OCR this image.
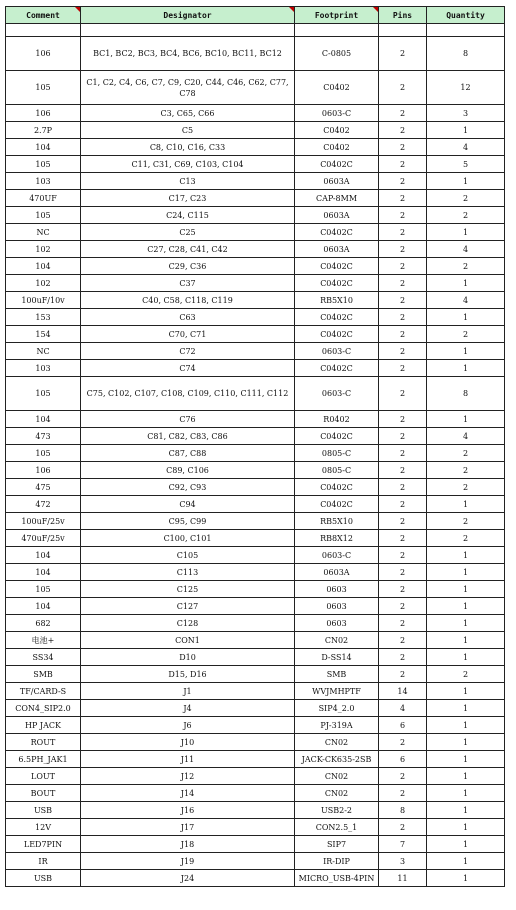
Comment	Designator	Footprint	Pins	Quantity

106	BC1, BC2, BC3, BC4, BC6, BC10, BC11, BC12	C-0805	2	8
105	C1, C2, C4, C6, C7, C9, C20, C44, C46, C62, C77, C78	C0402	2	12
106	C3, C65, C66	0603-C	2	3
2.7P	C5	C0402	2	1
104	C8, C10, C16, C33	C0402	2	4
105	C11, C31, C69, C103, C104	C0402C	2	5
103	C13	0603A	2	1
470UF	C17, C23	CAP-8MM	2	2
105	C24, C115	0603A	2	2
NC	C25	C0402C	2	1
102	C27, C28, C41, C42	0603A	2	4
104	C29, C36	C0402C	2	2
102	C37	C0402C	2	1
100uF/10v	C40, C58, C118, C119	RB5X10	2	4
153	C63	C0402C	2	1
154	C70, C71	C0402C	2	2
NC	C72	0603-C	2	1
103	C74	C0402C	2	1
105	C75, C102, C107, C108, C109, C110, C111, C112	0603-C	2	8
104	C76	R0402	2	1
473	C81, C82, C83, C86	C0402C	2	4
105	C87, C88	0805-C	2	2
106	C89, C106	0805-C	2	2
475	C92, C93	C0402C	2	2
472	C94	C0402C	2	1
100uF/25v	C95, C99	RB5X10	2	2
470uF/25v	C100, C101	RB8X12	2	2
104	C105	0603-C	2	1
104	C113	0603A	2	1
105	C125	0603	2	1
104	C127	0603	2	1
682	C128	0603	2	1
电池+	CON1	CN02	2	1
SS34	D10	D-SS14	2	1
SMB	D15, D16	SMB	2	2
TF/CARD-S	J1	WVJMHPTF	14	1
CON4_SIP2.0	J4	SIP4_2.0	4	1
HP JACK	J6	PJ-319A	6	1
ROUT	J10	CN02	2	1
6.5PH_JAK1	J11	JACK-CK635-2SB	6	1
LOUT	J12	CN02	2	1
BOUT	J14	CN02	2	1
USB	J16	USB2-2	8	1
12V	J17	CON2.5_1	2	1
LED7PIN	J18	SIP7	7	1
IR	J19	IR-DIP	3	1
USB	J24	MICRO_USB-4PIN	11	1
